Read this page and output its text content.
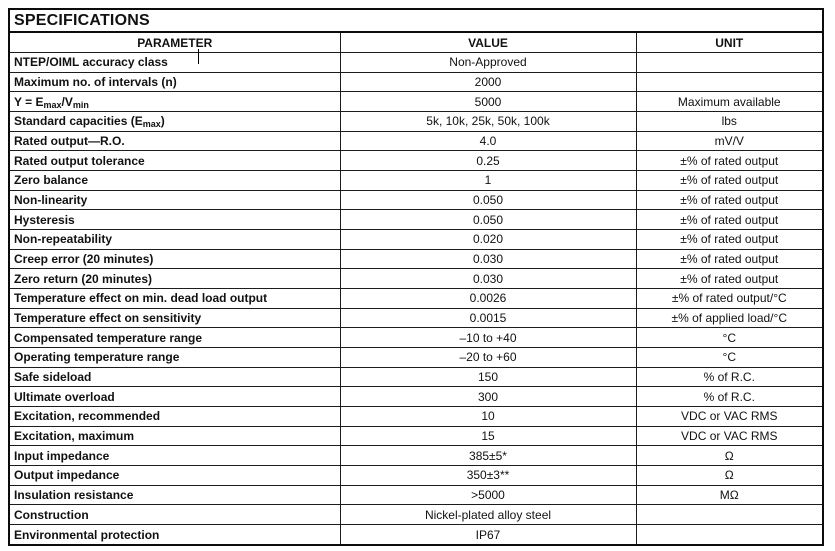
SPECIFICATIONS		
PARAMETER	VALUE	UNIT
NTEP/OIML accuracy class	Non-Approved	
Maximum no. of intervals (n)	2000	
$Y = E_{max}/V_{min}$	5000	Maximum available
Standard capacities $(E_{max})$	5k, 10k, 25k, 50k, 100k	lbs
Rated output—R.O.	4.0	mV/V
Rated output tolerance	0.25	±% of rated output
Zero balance	1	±% of rated output
Non-linearity	0.050	±% of rated output
Hysteresis	0.050	±% of rated output
Non-repeatability	0.020	±% of rated output
Creep error (20 minutes)	0.030	±% of rated output
Zero return (20 minutes)	0.030	±% of rated output
Temperature effect on min. dead load output	0.0026	±% of rated output/°C
Temperature effect on sensitivity	0.0015	±% of applied load/°C
Compensated temperature range	–10 to +40	°C
Operating temperature range	–20 to +60	°C
Safe sideload	150	% of R.C.
Ultimate overload	300	% of R.C.
Excitation, recommended	10	VDC or VAC RMS
Excitation, maximum	15	VDC or VAC RMS
Input impedance	385±5*	Ω
Output impedance	350±3**	Ω
Insulation resistance	>5000	MΩ
Construction	Nickel-plated alloy steel	
Environmental protection	IP67	
